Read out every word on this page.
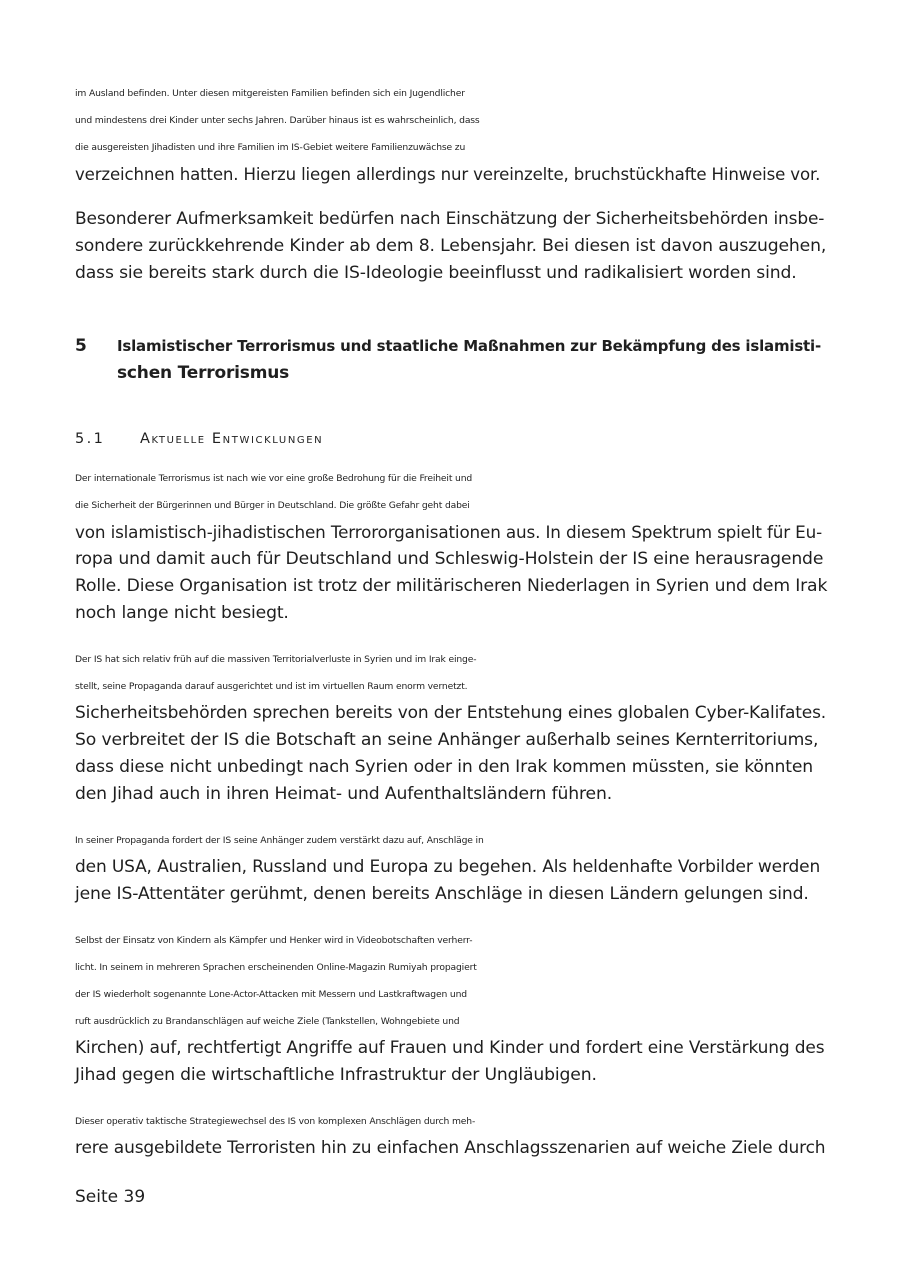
im Ausland befinden. Unter diesen mitgereisten Familien befinden sich ein Jugendlicher
und mindestens drei Kinder unter sechs Jahren. Darüber hinaus ist es wahrscheinlich, dass
die ausgereisten Jihadisten und ihre Familien im IS-Gebiet weitere Familienzuwächse zu
verzeichnen hatten. Hierzu liegen allerdings nur vereinzelte, bruchstückhafte Hinweise vor.
Besonderer Aufmerksamkeit bedürfen nach Einschätzung der Sicherheitsbehörden insbe-
sondere zurückkehrende Kinder ab dem 8. Lebensjahr. Bei diesen ist davon auszugehen,
dass sie bereits stark durch die IS-Ideologie beeinflusst und radikalisiert worden sind.
5 Islamistischer Terrorismus und staatliche Maßnahmen zur Bekämpfung des islamisti-
schen Terrorismus
5.1 Aktuelle Entwicklungen
Der internationale Terrorismus ist nach wie vor eine große Bedrohung für die Freiheit und
die Sicherheit der Bürgerinnen und Bürger in Deutschland. Die größte Gefahr geht dabei
von islamistisch-jihadistischen Terrororganisationen aus. In diesem Spektrum spielt für Eu-
ropa und damit auch für Deutschland und Schleswig-Holstein der IS eine herausragende
Rolle. Diese Organisation ist trotz der militärischeren Niederlagen in Syrien und dem Irak
noch lange nicht besiegt.
Der IS hat sich relativ früh auf die massiven Territorialverluste in Syrien und im Irak einge-
stellt, seine Propaganda darauf ausgerichtet und ist im virtuellen Raum enorm vernetzt.
Sicherheitsbehörden sprechen bereits von der Entstehung eines globalen Cyber-Kalifates.
So verbreitet der IS die Botschaft an seine Anhänger außerhalb seines Kernterritoriums,
dass diese nicht unbedingt nach Syrien oder in den Irak kommen müssten, sie könnten
den Jihad auch in ihren Heimat- und Aufenthaltsländern führen.
In seiner Propaganda fordert der IS seine Anhänger zudem verstärkt dazu auf, Anschläge in
den USA, Australien, Russland und Europa zu begehen. Als heldenhafte Vorbilder werden
jene IS-Attentäter gerühmt, denen bereits Anschläge in diesen Ländern gelungen sind.
Selbst der Einsatz von Kindern als Kämpfer und Henker wird in Videobotschaften verherr-
licht. In seinem in mehreren Sprachen erscheinenden Online-Magazin Rumiyah propagiert
der IS wiederholt sogenannte Lone-Actor-Attacken mit Messern und Lastkraftwagen und
ruft ausdrücklich zu Brandanschlägen auf weiche Ziele (Tankstellen, Wohngebiete und
Kirchen) auf, rechtfertigt Angriffe auf Frauen und Kinder und fordert eine Verstärkung des
Jihad gegen die wirtschaftliche Infrastruktur der Ungläubigen.
Dieser operativ taktische Strategiewechsel des IS von komplexen Anschlägen durch meh-
rere ausgebildete Terroristen hin zu einfachen Anschlagsszenarien auf weiche Ziele durch
Seite 39
